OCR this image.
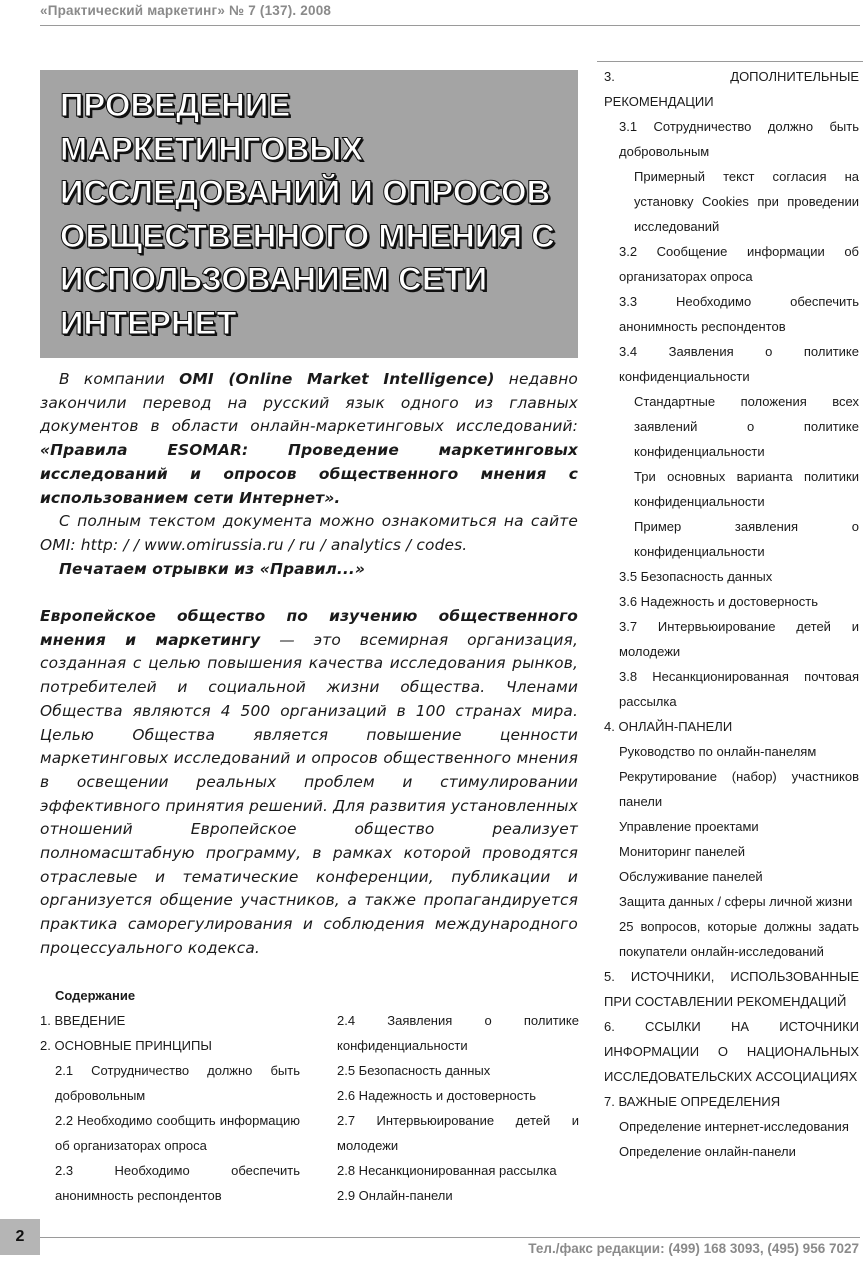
«Практический маркетинг» № 7 (137). 2008
ПРОВЕДЕНИЕ МАРКЕТИНГОВЫХ ИССЛЕДОВАНИЙ И ОПРОСОВ ОБЩЕСТВЕННОГО МНЕНИЯ С ИСПОЛЬЗОВАНИЕМ СЕТИ ИНТЕРНЕТ

В компании OMI (Online Market Intelligence) недавно закончили перевод на русский язык одного из главных документов в области онлайн-маркетинговых исследований: «Правила ESOMAR: Проведение маркетинговых исследований и опросов общественного мнения с использованием сети Интернет».

С полным текстом документа можно ознакомиться на сайте OMI: http: / / www.omirussia.ru / ru / analytics / codes.

Печатаем отрывки из «Правил...»

Европейское общество по изучению общественного мнения и маркетингу — это всемирная организация, созданная с целью повышения качества исследования рынков, потребителей и социальной жизни общества. Членами Общества являются 4 500 организаций в 100 странах мира. Целью Общества является повышение ценности маркетинговых исследований и опросов общественного мнения в освещении реальных проблем и стимулировании эффективного принятия решений. Для развития установленных отношений Европейское общество реализует полномасштабную программу, в рамках которой проводятся отраслевые и тематические конференции, публикации и организуется общение участников, а также пропагандируется практика саморегулирования и соблюдения международного процессуального кодекса.

Содержание
1. ВВЕДЕНИЕ
2. ОСНОВНЫЕ ПРИНЦИПЫ
2.1 Сотрудничество должно быть добровольным
2.2 Необходимо сообщить информацию об организаторах опроса
2.3 Необходимо обеспечить анонимность респондентов
2.4 Заявления о политике конфиденциальности
2.5 Безопасность данных
2.6 Надежность и достоверность
2.7 Интервьюирование детей и молодежи
2.8 Несанкционированная рассылка
2.9 Онлайн-панели
3. ДОПОЛНИТЕЛЬНЫЕ РЕКОМЕНДАЦИИ
3.1 Сотрудничество должно быть добровольным
Примерный текст согласия на установку Cookies при проведении исследований
3.2 Сообщение информации об организаторах опроса
3.3 Необходимо обеспечить анонимность респондентов
3.4 Заявления о политике конфиденциальности
Стандартные положения всех заявлений о политике конфиденциальности
Три основных варианта политики конфиденциальности
Пример заявления о конфиденциальности
3.5 Безопасность данных
3.6 Надежность и достоверность
3.7 Интервьюирование детей и молодежи
3.8 Несанкционированная почтовая рассылка
4. ОНЛАЙН-ПАНЕЛИ
Руководство по онлайн-панелям
Рекрутирование (набор) участников панели
Управление проектами
Мониторинг панелей
Обслуживание панелей
Защита данных / сферы личной жизни
25 вопросов, которые должны задать покупатели онлайн-исследований
5. ИСТОЧНИКИ, ИСПОЛЬЗОВАННЫЕ ПРИ СОСТАВЛЕНИИ РЕКОМЕНДАЦИЙ
6. ССЫЛКИ НА ИСТОЧНИКИ ИНФОРМАЦИИ О НАЦИОНАЛЬНЫХ ИССЛЕДОВАТЕЛЬСКИХ АССОЦИАЦИЯХ
7. ВАЖНЫЕ ОПРЕДЕЛЕНИЯ
Определение интернет-исследования
Определение онлайн-панели
2
Тел./факс редакции: (499) 168 3093, (495) 956 7027
